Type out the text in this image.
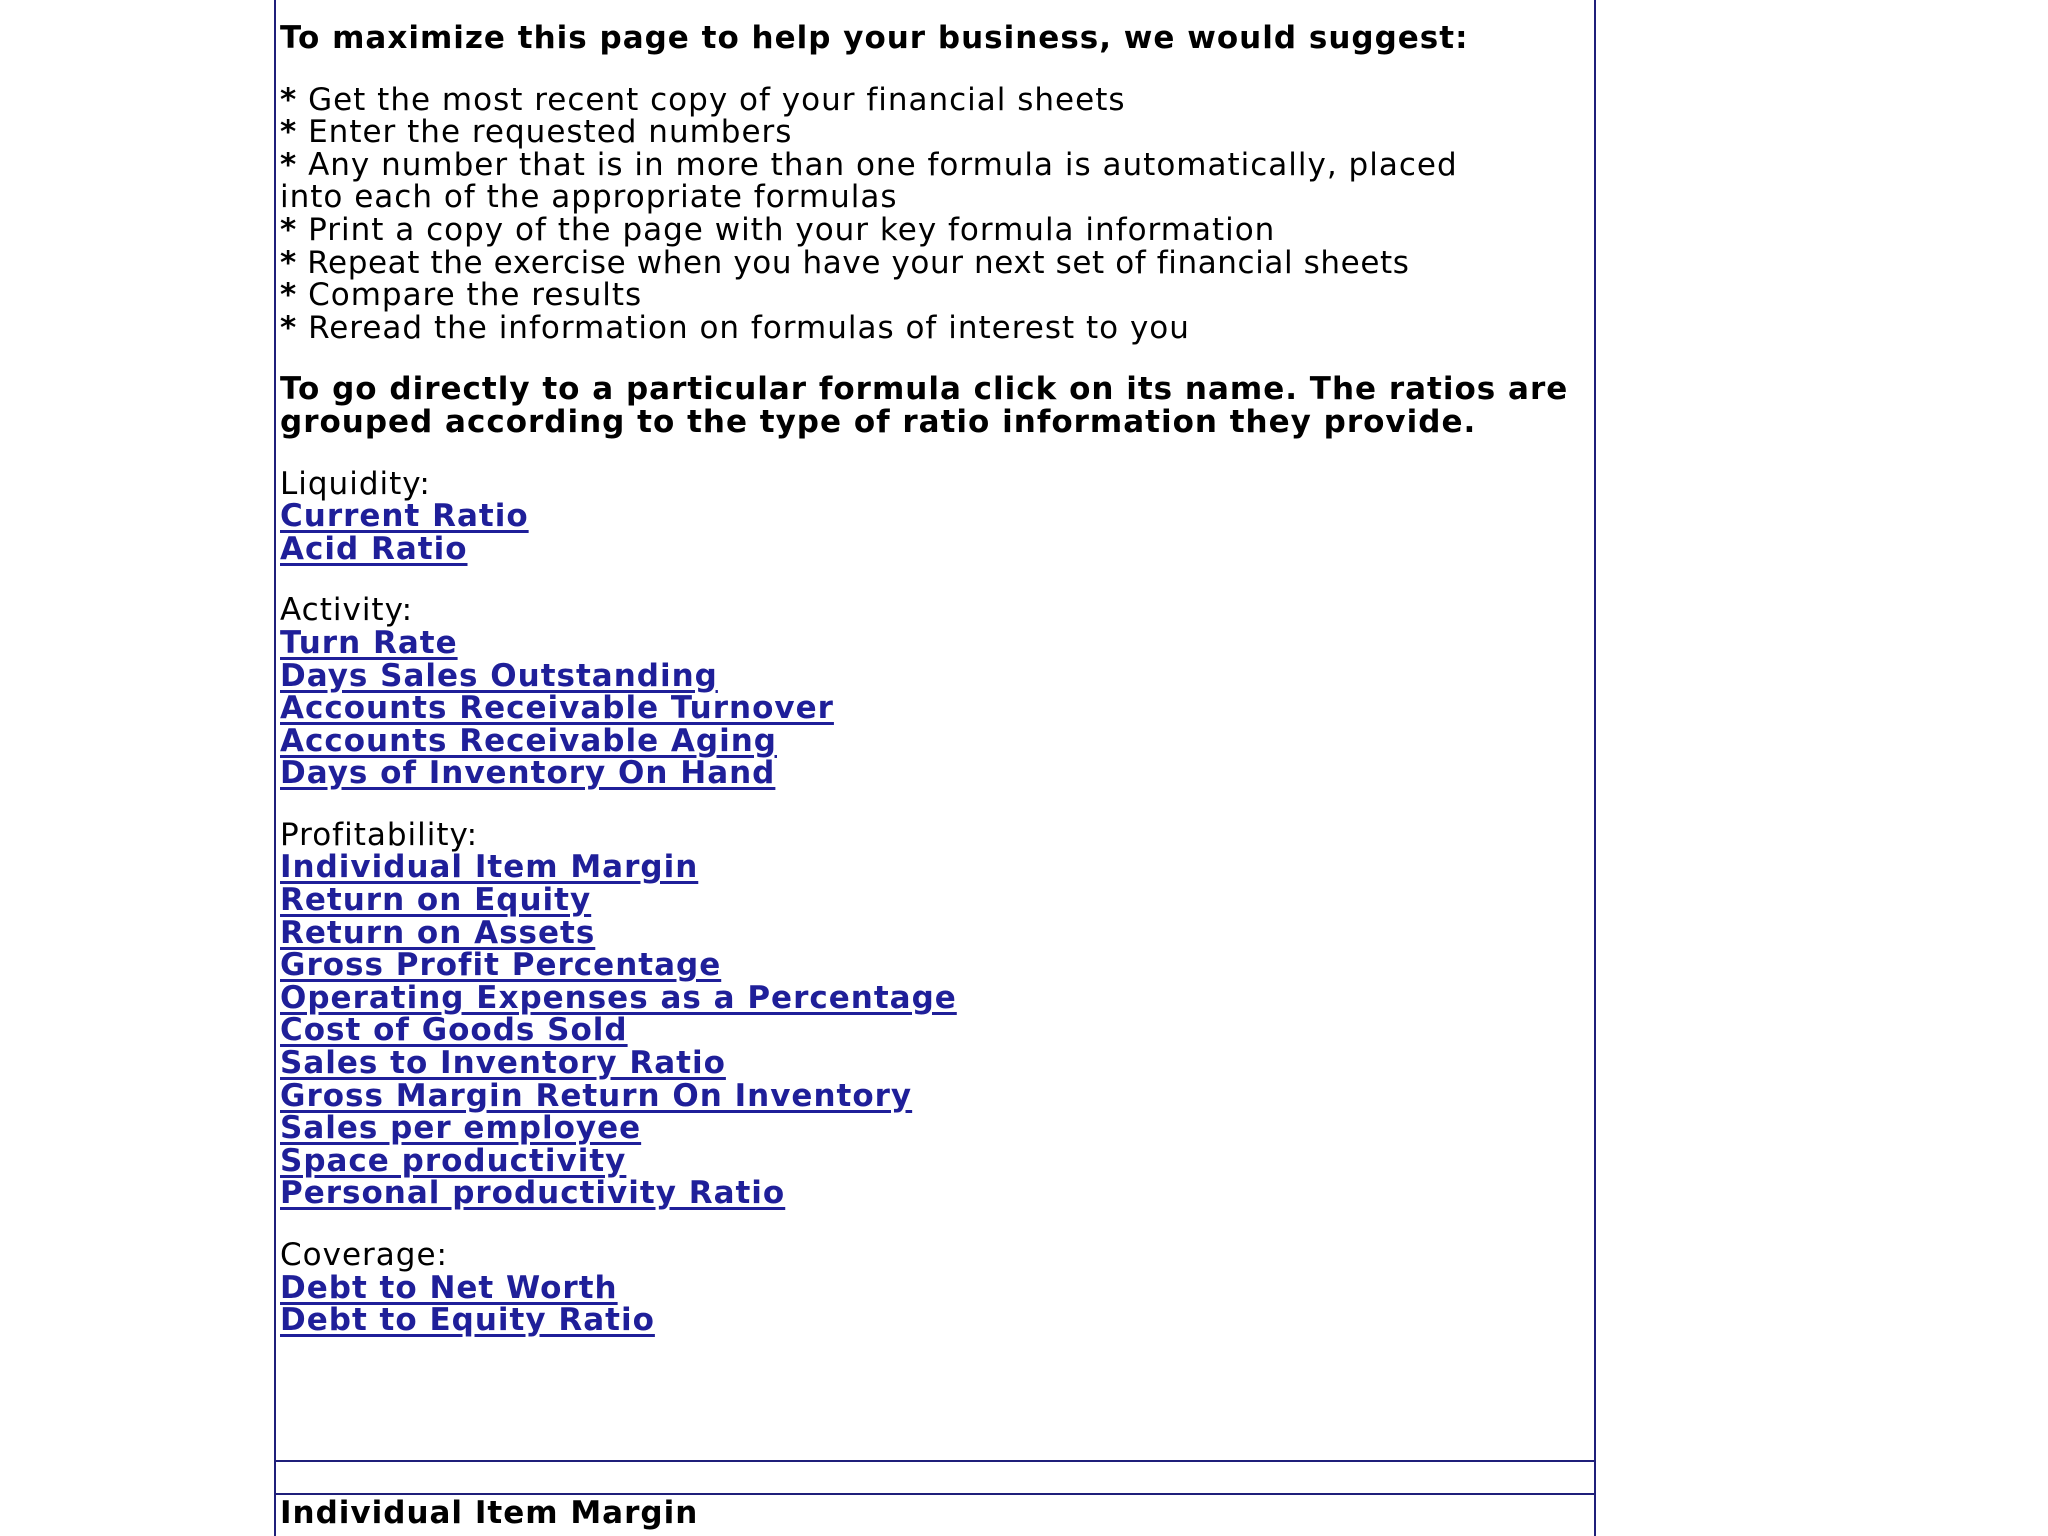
To maximize this page to help your business, we would suggest:

* Get the most recent copy of your financial sheets
* Enter the requested numbers
* Any number that is in more than one formula is automatically, placed into each of the appropriate formulas
* Print a copy of the page with your key formula information
* Repeat the exercise when you have your next set of financial sheets
* Compare the results
* Reread the information on formulas of interest to you

To go directly to a particular formula click on its name. The ratios are grouped according to the type of ratio information they provide.

Liquidity:

Current Ratio
Acid Ratio

Activity:

Turn Rate
Days Sales Outstanding
Accounts Receivable Turnover
Accounts Receivable Aging
Days of Inventory On Hand

Profitability:

Individual Item Margin
Return on Equity
Return on Assets
Gross Profit Percentage
Operating Expenses as a Percentage
Cost of Goods Sold
Sales to Inventory Ratio
Gross Margin Return On Inventory
Sales per employee
Space productivity
Personal productivity Ratio

Coverage:

Debt to Net Worth
Debt to Equity Ratio
Individual Item Margin
